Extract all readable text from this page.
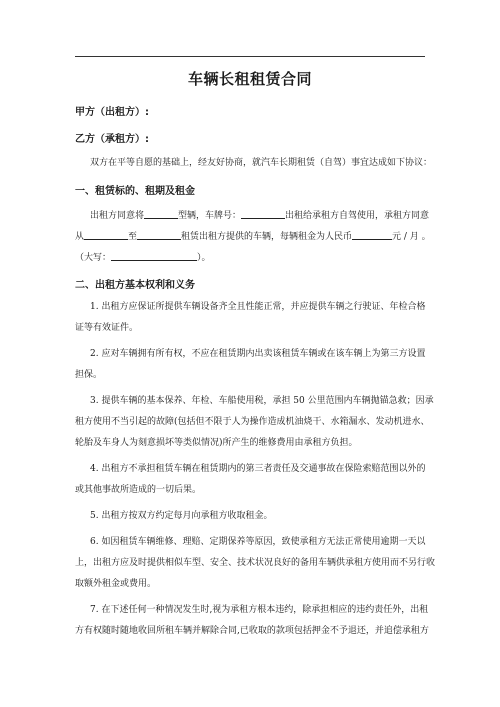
车辆长租租赁合同
甲方（出租方）:
乙方（承租方）:
双方在平等自愿的基础上，经友好协商，就汽车长期租赁（自驾）事宜达成如下协议：
一、租赁标的、租期及租金
出租方同意将	型辆，车牌号：	出租给承租方自驾使用，承租方同意
从	至	租赁出租方提供的车辆，每辆租金为人民币	元 / 月 。
（大写：	）。
二、出租方基本权利和义务
1. 出租方应保证所提供车辆设备齐全且性能正常，并应提供车辆之行驶证、年检合格
证等有效证件。
2. 应对车辆拥有所有权，不应在租赁期内出卖该租赁车辆或在该车辆上为第三方设置
担保。
3. 提供车辆的基本保养、年检、车船使用税，承担 50 公里范围内车辆抛锚急救；因承
租方使用不当引起的故障(包括但不限于人为操作造成机油烧干、水箱漏水、发动机进水、
轮胎及车身人为刻意损坏等类似情况)所产生的维修费用由承租方负担。
4. 出租方不承担租赁车辆在租赁期内的第三者责任及交通事故在保险索赔范围以外的
或其他事故所造成的一切后果。
5. 出租方按双方约定每月向承租方收取租金。
6. 如因租赁车辆维修、理赔、定期保养等原因，致使承租方无法正常使用逾期一天以
上，出租方应及时提供相似车型、安全、技术状况良好的备用车辆供承租方使用而不另行收
取额外租金或费用。
7. 在下述任何一种情况发生时,视为承租方根本违约，除承担相应的违约责任外，出租
方有权随时随地收回所租车辆并解除合同,已收取的款项包括押金不予退还，并追偿承租方
